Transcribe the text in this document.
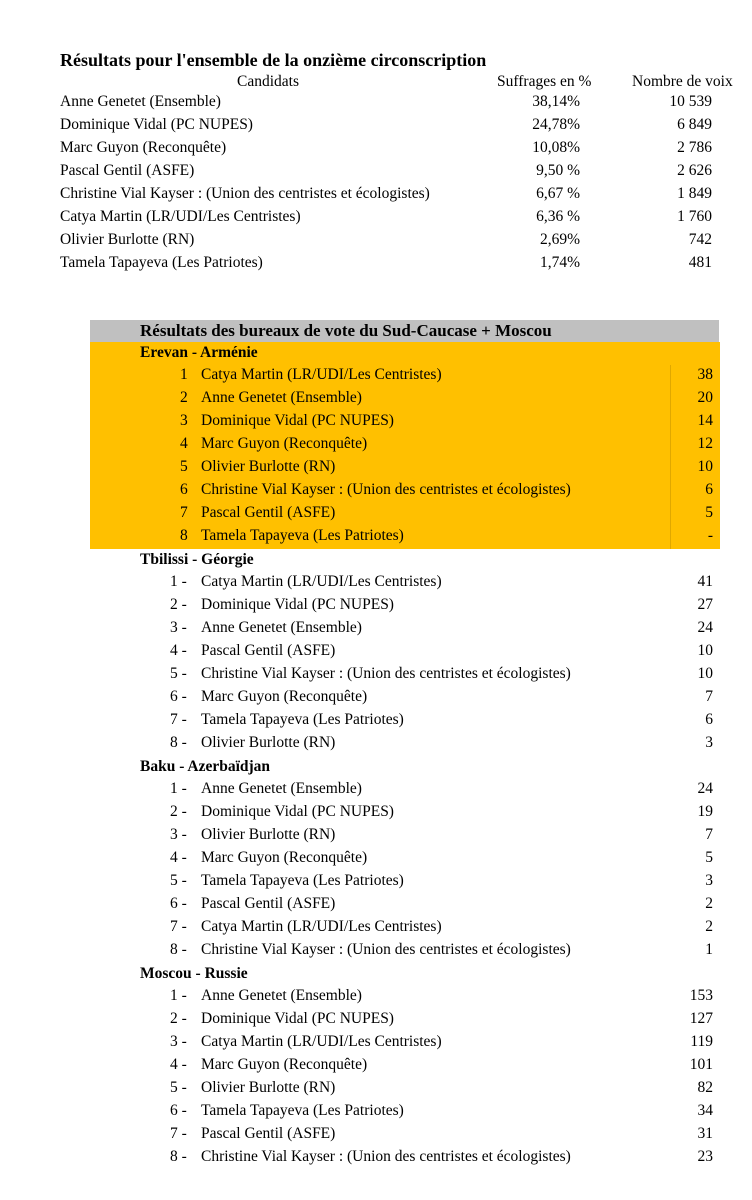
Résultats pour l'ensemble de la onzième circonscription
Candidats	Suffrages en %	Nombre de voix
Anne Genetet (Ensemble)	38,14%	10 539
Dominique Vidal (PC NUPES)	24,78%	6 849
Marc Guyon (Reconquête)	10,08%	2 786
Pascal Gentil (ASFE)	9,50 %	2 626
Christine Vial Kayser : (Union des centristes et écologistes)	6,67 %	1 849
Catya Martin (LR/UDI/Les Centristes)	6,36 %	1 760
Olivier Burlotte (RN)	2,69%	742
Tamela Tapayeva (Les Patriotes)	1,74%	481
Résultats des bureaux de vote du Sud-Caucase + Moscou
Erevan - Arménie
1 Catya Martin (LR/UDI/Les Centristes)	38
2 Anne Genetet (Ensemble)	20
3 Dominique Vidal (PC NUPES)	14
4 Marc Guyon (Reconquête)	12
5 Olivier Burlotte (RN)	10
6 Christine Vial Kayser : (Union des centristes et écologistes)	6
7 Pascal Gentil (ASFE)	5
8 Tamela Tapayeva (Les Patriotes)	-
Tbilissi - Géorgie
1 - Catya Martin (LR/UDI/Les Centristes)	41
2 - Dominique Vidal (PC NUPES)	27
3 - Anne Genetet (Ensemble)	24
4 - Pascal Gentil (ASFE)	10
5 - Christine Vial Kayser : (Union des centristes et écologistes)	10
6 - Marc Guyon (Reconquête)	7
7 - Tamela Tapayeva (Les Patriotes)	6
8 - Olivier Burlotte (RN)	3
Baku - Azerbaïdjan
1 - Anne Genetet (Ensemble)	24
2 - Dominique Vidal (PC NUPES)	19
3 - Olivier Burlotte (RN)	7
4 - Marc Guyon (Reconquête)	5
5 - Tamela Tapayeva (Les Patriotes)	3
6 - Pascal Gentil (ASFE)	2
7 - Catya Martin (LR/UDI/Les Centristes)	2
8 - Christine Vial Kayser : (Union des centristes et écologistes)	1
Moscou - Russie
1 - Anne Genetet (Ensemble)	153
2 - Dominique Vidal (PC NUPES)	127
3 - Catya Martin (LR/UDI/Les Centristes)	119
4 - Marc Guyon (Reconquête)	101
5 - Olivier Burlotte (RN)	82
6 - Tamela Tapayeva (Les Patriotes)	34
7 - Pascal Gentil (ASFE)	31
8 - Christine Vial Kayser : (Union des centristes et écologistes)	23
